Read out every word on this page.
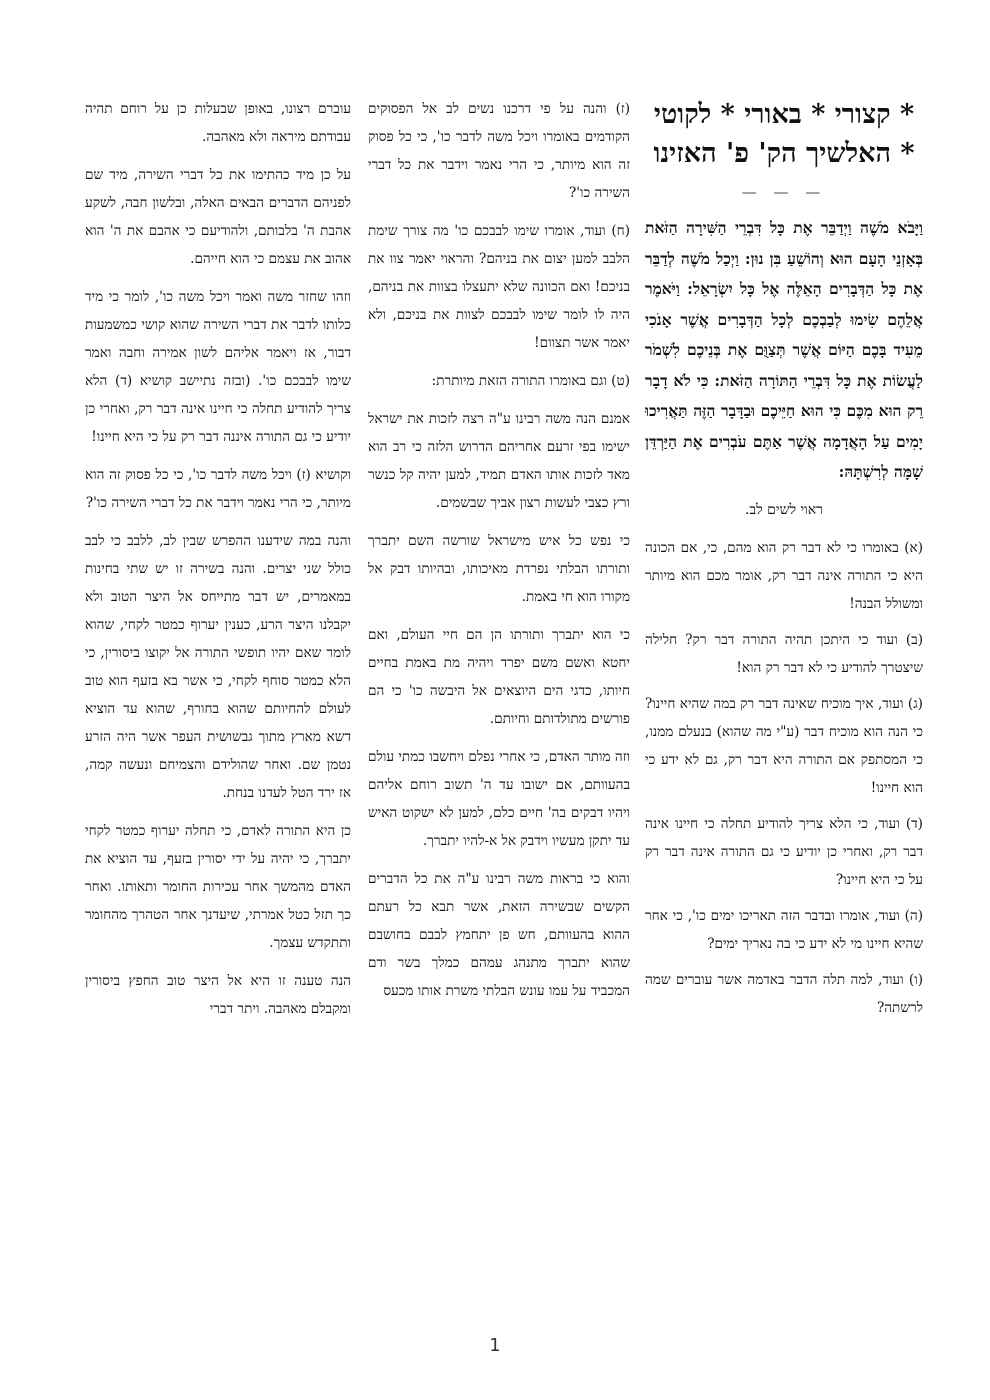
* קצורי * באורי * לקוטי * האלשיך הק' פ' האזינו
— — —
וַיָּבֹא מֹשֶׁה וַיְדַבֵּר אֶת כָּל דִּבְרֵי הַשִּׁירָה הַזֹּאת בְּאָזְנֵי הָעָם הוּא וְהוֹשֵׁעַ בִּן נוּן: וַיְכַל מֹשֶׁה לְדַבֵּר אֶת כָּל הַדְּבָרִים הָאֵלֶּה אֶל כָּל יִשְׂרָאֵל: וַיֹּאמֶר אֲלֵהֶם שִׂימוּ לְבַבְכֶם לְכָל הַדְּבָרִים אֲשֶׁר אָנֹכִי מֵעִיד בָּכֶם הַיּוֹם אֲשֶׁר תְּצַוֻּם אֶת בְּנֵיכֶם לִשְׁמֹר לַעֲשׂוֹת אֶת כָּל דִּבְרֵי הַתּוֹרָה הַזֹּאת: כִּי לֹא דָבָר רֵק הוּא מִכֶּם כִּי הוּא חַיֵּיכֶם וּבַדָּבָר הַזֶּה תַּאֲרִיכוּ יָמִים עַל הָאֲדָמָה אֲשֶׁר אַתֶּם עֹבְרִים אֶת הַיַּרְדֵּן שָׁמָּה לְרִשְׁתָּהּ:
ראוי לשים לב.
(א) באומרו כי לא דבר רק הוא מהם, כי, אם הכונה היא כי התורה אינה דבר רק, אומר מכם הוא מיותר ומשולל הבנה!
(ב) ועוד כי היתכן תהיה התורה דבר רק? חלילה שיצטרך להודיע כי לא דבר רק הוא!
(ג) ועוד, איך מוכיח שאינה דבר רק במה שהיא חיינו? כי הנה הוא מוכיח דבר (ע"י מה שהוא) בנעלם ממנו, כי המסתפק אם התורה היא דבר רק, גם לא ידע כי הוא חיינו!
(ד) ועוד, כי הלא צריך להודיע תחלה כי חיינו אינה דבר רק, ואחרי כן יודיע כי גם התורה אינה דבר רק על כי היא חיינו?
(ה) ועוד, אומרו ובדבר הזה תאריכו ימים כו', כי אחר שהיא חיינו מי לא ידע כי בה נאריך ימים?
(ו) ועוד, למה תלה הדבר באדמה אשר עוברים שמה לרשתה?
(ז) והנה על פי דרכנו נשים לב אל הפסוקים הקודמים באומרו ויכל משה לדבר כו', כי כל פסוק זה הוא מיותר, כי הרי נאמר וידבר את כל דברי השירה כו'?
(ח) ועוד, אומרו שימו לבבכם כו' מה צורך שימת הלבב למען יצום את בניהם? והראוי יאמר צוו את בניכם! ואם הכוונה שלא יתעצלו בצוות את בניהם, היה לו לומר שימו לבבכם לצוות את בניכם, ולא יאמר אשר תצוום!
(ט) וגם באומרו התורה הזאת מיותרת:
אמנם הנה משה רבינו ע"ה רצה לזכות את ישראל ישימו בפי זרעם אחריהם הדרוש הלזה כי רב הוא מאד לזכות אותו האדם תמיד, למען יהיה קל כנשר ורץ כצבי לעשות רצון אביך שבשמים.
כי נפש כל איש מישראל שורשה השם יתברך ותורתו הבלתי נפרדת מאיכותו, ובהיותו דבק אל מקורו הוא חי באמת.
כי הוא יתברך ותורתו הן הם חיי העולם, ואם יחטא ואשם משם יפרד ויהיה מת באמת בחיים חיותו, כדגי הים היוצאים אל היבשה כו' כי הם פורשים מתולדותם וחיותם.
וזה מותר האדם, כי אחרי נפלם ויחשבו כמתי עולם בהעוותם, אם ישובו עד ה' תשוב רוחם אליהם ויהיו דבקים בה' חיים כלם, למען לא ישקוט האיש עד יתקן מעשיו וידבק אל א-להיו יתברך.
והוא כי בראות משה רבינו ע"ה את כל הדברים הקשים שבשירה הזאת, אשר תבא כל רעתם ההוא בהעוותם, חש פן יתחמץ לבבם בחושבם שהוא יתברך מתנהג עמהם כמלך בשר ודם המכביד על עמו עונש הבלתי משרת אותו מכעס
עוברם רצונו, באופן שבעלות כן על רוחם תהיה עבודתם מיראה ולא מאהבה.
על כן מיד כהתימו את כל דברי השירה, מיד שם לפניהם הדברים הבאים האלה, ובלשון חבה, לשקע אהבת ה' בלבותם, ולהודיעם כי אהבם את ה' הוא אהוב את עצמם כי הוא חייהם.
וזהו שחזר משה ואמר ויכל משה כו', לומר כי מיד כלותו לדבר את דברי השירה שהוא קושי כמשמעות דבור, אז ויאמר אליהם לשון אמירה וחבה ואמר שימו לבבכם כו'. (ובזה נתיישב קושיא (ד) הלא צריך להודיע תחלה כי חיינו אינה דבר רק, ואחרי כן יודיע כי גם התורה איננה דבר רק על כי היא חיינו!
וקושיא (ז) ויכל משה לדבר כו', כי כל פסוק זה הוא מיותר, כי הרי נאמר וידבר את כל דברי השירה כו'?
והנה במה שידענו ההפרש שבין לב, ללבב כי לבב כולל שני יצרים. והנה בשירה זו יש שתי בחינות במאמרים, יש דבר מתייחס אל היצר הטוב ולא יקבלנו היצר הרע, כענין יערוף כמטר לקחי, שהוא לומר שאם יהיו תופשי התורה אל יקוצו ביסורין, כי הלא כמטר סוחף לקחי, כי אשר בא בזעף הוא טוב לעולם להחיותם שהוא בחורף, שהוא עד הוציא דשא מארץ מתוך גבשושית העפר אשר היה הזרע נטמן שם. ואחר שהולידם והצמיחם ונעשה קמה, אז ירד הטל לעדנו בנחת.
כן היא התורה לאדם, כי תחלה יערוף כמטר לקחי יתברך, כי יהיה על ידי יסורין בזעף, עד הוציא את האדם מהמשך אחר עכירות החומר ותאותו. ואחר כך תזל כטל אמרתי, שיעדנך אחר הטהרך מהחומר ותתקדש עצמך.
הנה טענה זו היא אל היצר טוב החפץ ביסורין ומקבלם מאהבה. ויתר דברי
1
